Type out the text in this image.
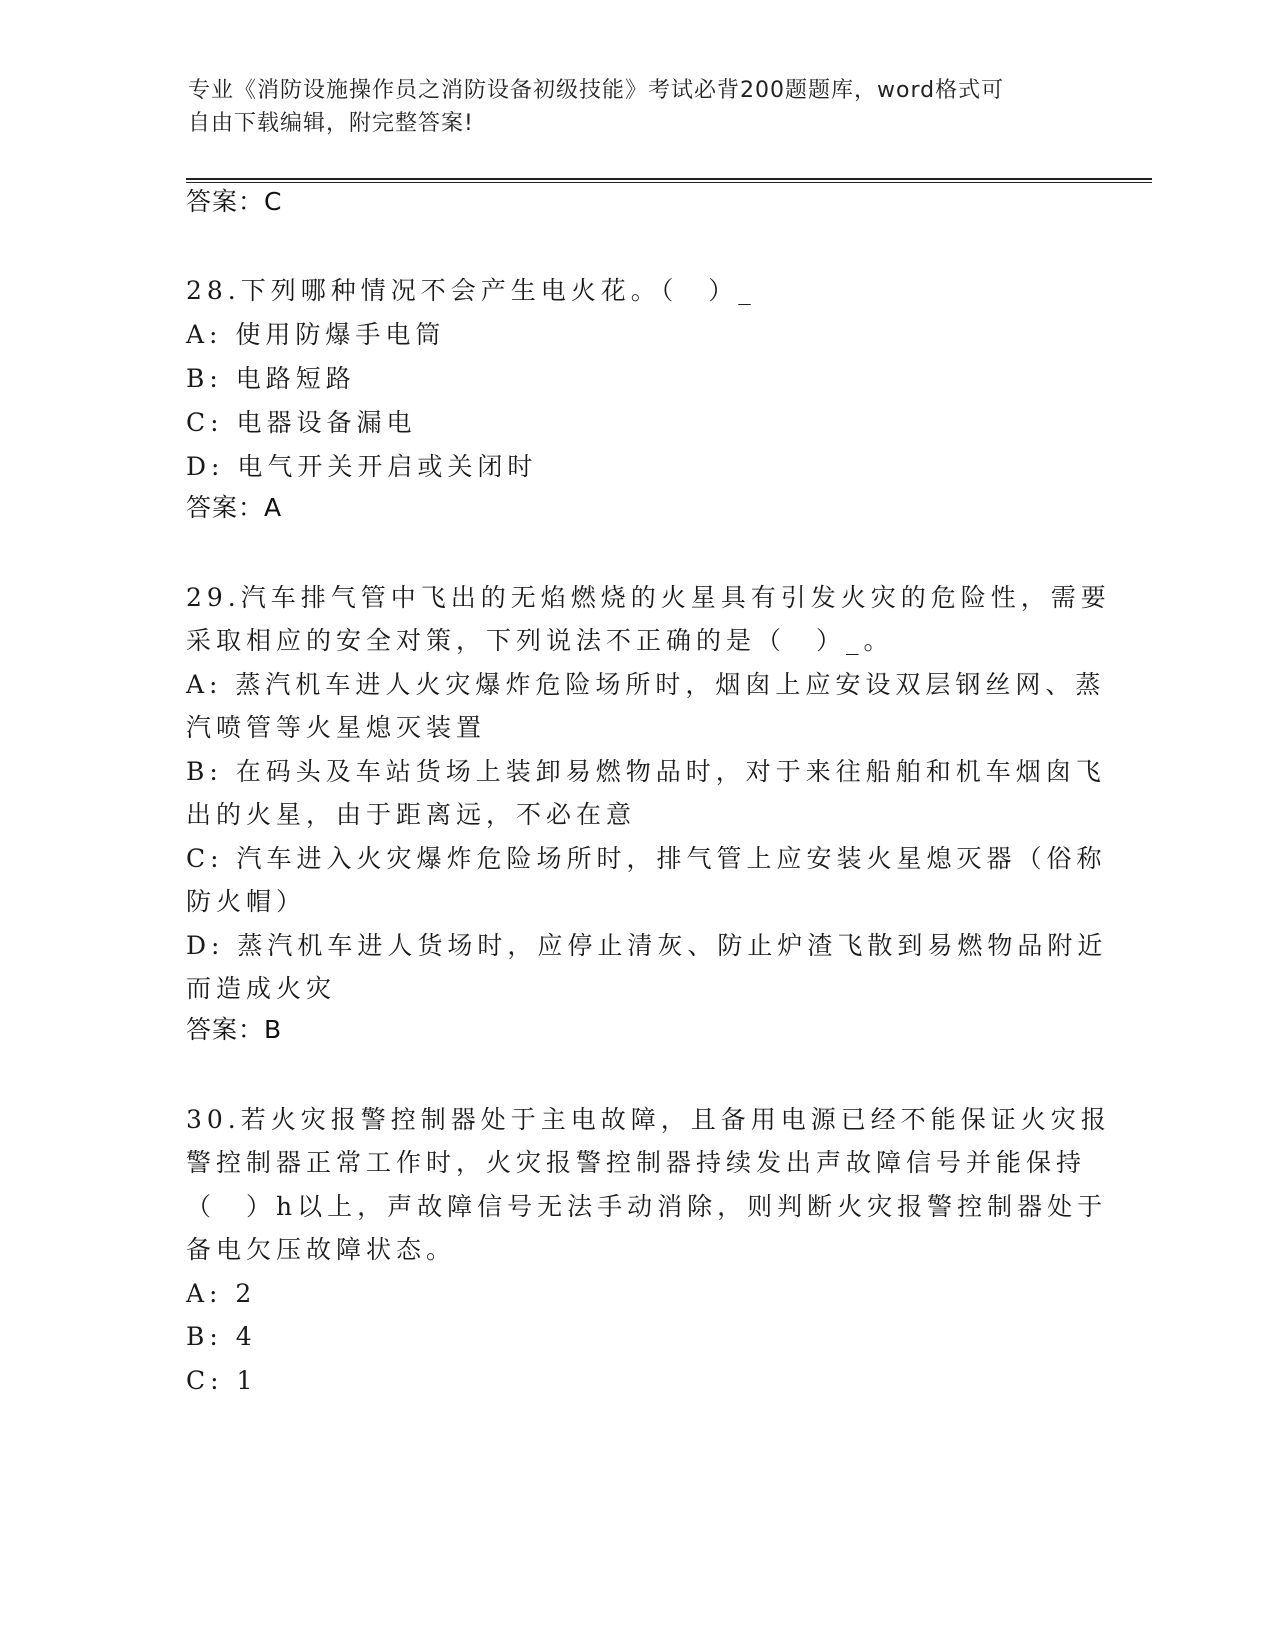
专业《消防设施操作员之消防设备初级技能》考试必背200题题库，word格式可
自由下载编辑，附完整答案!
答案：C
28.下列哪种情况不会产生电火花。（　）_
A: 使用防爆手电筒
B: 电路短路
C: 电器设备漏电
D: 电气开关开启或关闭时
答案：A
29.汽车排气管中飞出的无焰燃烧的火星具有引发火灾的危险性，需要
采取相应的安全对策，下列说法不正确的是（　）_。
A: 蒸汽机车进人火灾爆炸危险场所时，烟囱上应安设双层钢丝网、蒸
汽喷管等火星熄灭装置
B: 在码头及车站货场上装卸易燃物品时，对于来往船舶和机车烟囱飞
出的火星，由于距离远，不必在意
C: 汽车进入火灾爆炸危险场所时，排气管上应安装火星熄灭器（俗称
防火帽）
D: 蒸汽机车进人货场时，应停止清灰、防止炉渣飞散到易燃物品附近
而造成火灾
答案：B
30.若火灾报警控制器处于主电故障，且备用电源已经不能保证火灾报
警控制器正常工作时，火灾报警控制器持续发出声故障信号并能保持
（　）h以上，声故障信号无法手动消除，则判断火灾报警控制器处于
备电欠压故障状态。
A: 2
B: 4
C: 1
